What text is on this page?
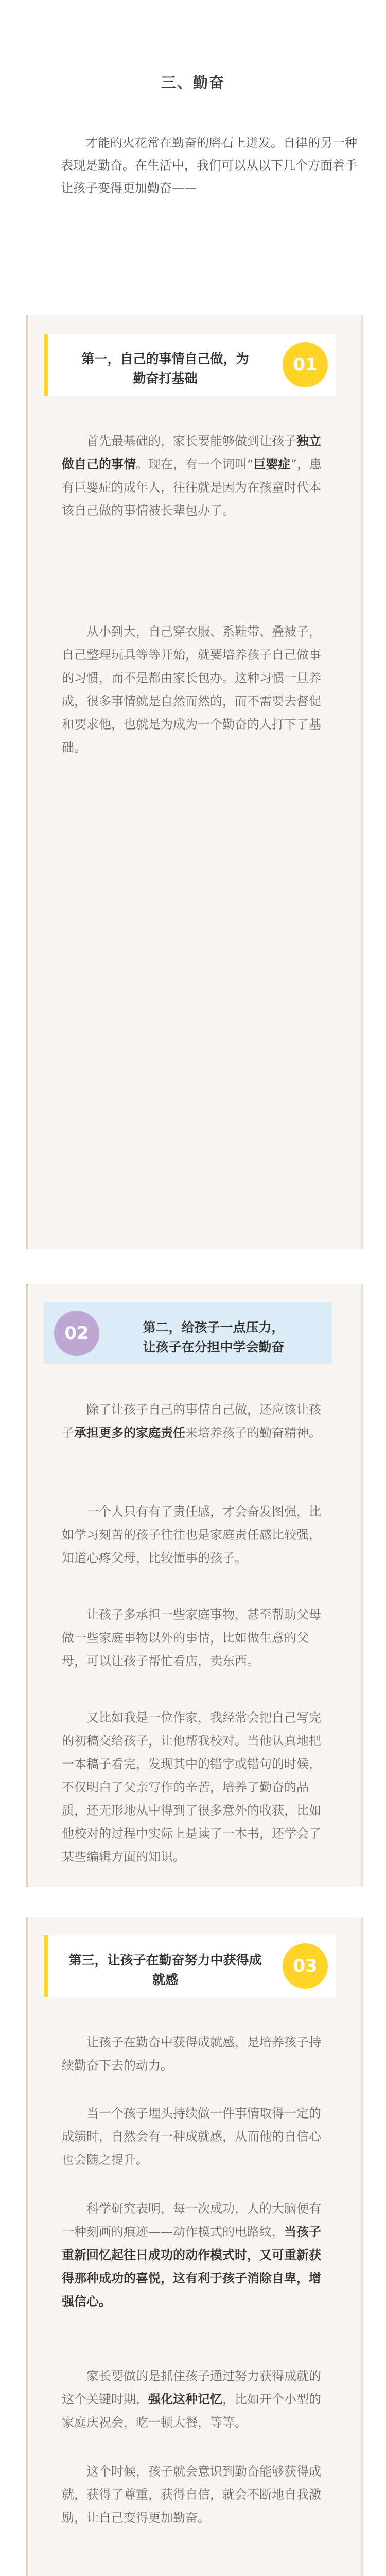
三、勤奋

才能的火花常在勤奋的磨石上迸发。自律的另一种表现是勤奋。在生活中，我们可以从以下几个方面着手让孩子变得更加勤奋——

第一，自己的事情自己做，为
勤奋打基础

01

首先最基础的，家长要能够做到让孩子独立做自己的事情。现在，有一个词叫“巨婴症”，患有巨婴症的成年人，往往就是因为在孩童时代本该自己做的事情被长辈包办了。

从小到大，自己穿衣服、系鞋带、叠被子，自己整理玩具等等开始，就要培养孩子自己做事的习惯，而不是都由家长包办。这种习惯一旦养成，很多事情就是自然而然的，而不需要去督促和要求他，也就是为成为一个勤奋的人打下了基础。

02	第二，给孩子一点压力，
让孩子在分担中学会勤奋

除了让孩子自己的事情自己做，还应该让孩子承担更多的家庭责任来培养孩子的勤奋精神。

一个人只有有了责任感，才会奋发图强，比如学习刻苦的孩子往往也是家庭责任感比较强，知道心疼父母，比较懂事的孩子。

让孩子多承担一些家庭事物，甚至帮助父母做一些家庭事物以外的事情，比如做生意的父母，可以让孩子帮忙看店，卖东西。

又比如我是一位作家，我经常会把自己写完的初稿交给孩子，让他帮我校对。当他认真地把一本稿子看完，发现其中的错字或错句的时候，不仅明白了父亲写作的辛苦，培养了勤奋的品质，还无形地从中得到了很多意外的收获，比如他校对的过程中实际上是读了一本书，还学会了某些编辑方面的知识。

第三，让孩子在勤奋努力中获得成
就感

03

让孩子在勤奋中获得成就感，是培养孩子持续勤奋下去的动力。

当一个孩子埋头持续做一件事情取得一定的成绩时，自然会有一种成就感，从而他的自信心也会随之提升。

科学研究表明，每一次成功，人的大脑便有一种刻画的痕迹——动作模式的电路纹，当孩子重新回忆起往日成功的动作模式时，又可重新获得那种成功的喜悦，这有利于孩子消除自卑，增强信心。

家长要做的是抓住孩子通过努力获得成就的这个关键时期，强化这种记忆，比如开个小型的家庭庆祝会，吃一顿大餐，等等。

这个时候，孩子就会意识到勤奋能够获得成就，获得了尊重，获得自信，就会不断地自我激励，让自己变得更加勤奋。
